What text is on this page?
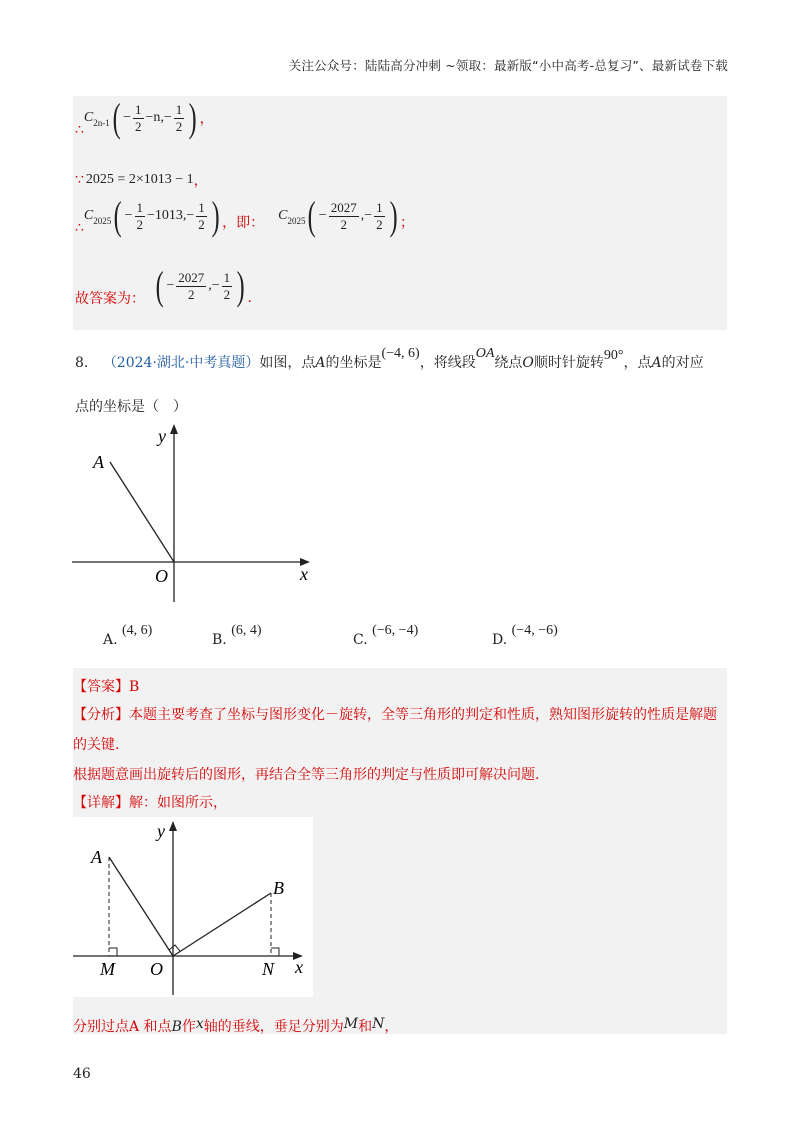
关注公众号：陆陆高分冲刺 ~领取：最新版“小中高考-总复习”、最新试卷下载
∴
C 2n-1 ( − $\frac{1}{2} -n,- \frac{1}{2}$ ) ，
∵ 2025 = 2×1013 − 1 ，
∴
C 2025 ( − $\frac{1}{2} -1013,- \frac{1}{2}$ ) ，即： C 2025 ( − $\frac{2027}{2}$ ,− $\frac{1}{2}$ ) ；
故答案为： ( − $\frac{2027}{2}$ ,− $\frac{1}{2}$ ) .
8. （2024·湖北·中考真题）如图，点A的坐标是(−4, 6)，将线段OA绕点O顺时针旋转90°，点A的对应
点的坐标是（　）
A
O	x
y
A. (4, 6)
B. (6, 4)
C. (−6, −4)
D. (−4, −6)
【答案】B
【分析】本题主要考查了坐标与图形变化－旋转，全等三角形的判定和性质，熟知图形旋转的性质是解题
的关键.
根据题意画出旋转后的图形，再结合全等三角形的判定与性质即可解决问题.
【详解】解：如图所示，
A
B
M O	N x
y
分别过点A 和点B作x轴的垂线，垂足分别为M和N，
46
